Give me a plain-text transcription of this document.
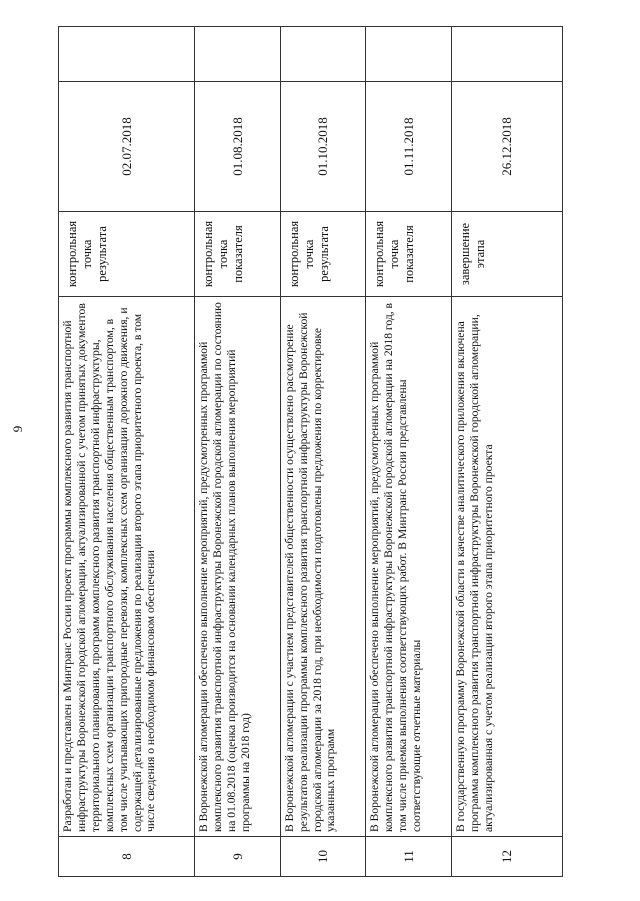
9
8	Разработан и представлен в Минтранс России проект программы комплексного развития транспортной инфраструктуры Воронежской городской агломерации, актуализированной с учетом принятых документов территориального планирования, программ комплексного развития транспортной инфраструктуры, комплексных схем организации транспортного обслуживания населения общественным транспортом, в том числе учитывающих пригородные перевозки, комплексных схем организации дорожного движения, и содержащей детализированные предложения по реализации второго этапа приоритетного проекта, в том числе сведения о необходимом финансовом обеспечении	контрольная точка результата	02.07.2018	
9	В Воронежской агломерации обеспечено выполнение мероприятий, предусмотренных программой комплексного развития транспортной инфраструктуры Воронежской городской агломерации по состоянию на 01.08.2018 (оценка производится на основании календарных планов выполнения мероприятий программы на 2018 год)	контрольная точка показателя	01.08.2018	
10	В Воронежской агломерации с участием представителей общественности осуществлено рассмотрение результатов реализации программы комплексного развития транспортной инфраструктуры Воронежской городской агломерации за 2018 год, при необходимости подготовлены предложения по корректировке указанных программ	контрольная точка результата	01.10.2018	
11	В Воронежской агломерации обеспечено выполнение мероприятий, предусмотренных программой комплексного развития транспортной инфраструктуры Воронежской городской агломерации на 2018 год, в том числе приемка выполнения соответствующих работ. В Минтранс России представлены соответствующие отчетные материалы	контрольная точка показателя	01.11.2018	
12	В государственную программу Воронежской области в качестве аналитического приложения включена программа комплексного развития транспортной инфраструктуры Воронежской городской агломерации, актуализированная с учетом реализации второго этапа приоритетного проекта	завершение этапа	26.12.2018	
